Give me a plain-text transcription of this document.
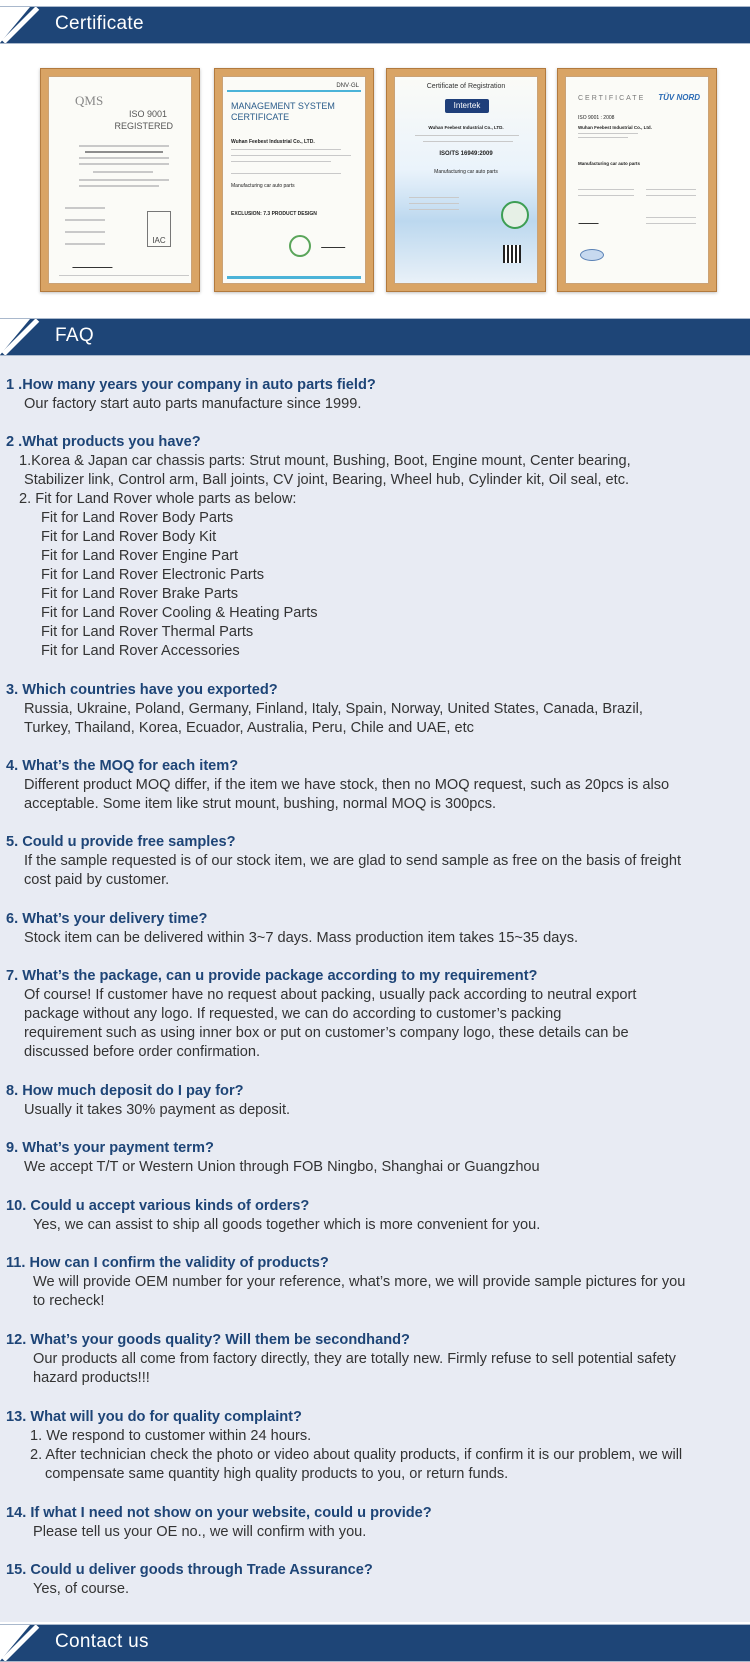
Certificate
QMS
ISO 9001
REGISTERED
IAC
DNV·GL
MANAGEMENT SYSTEM
CERTIFICATE
Wuhan Feebest Industrial Co., LTD.
Manufacturing car auto parts
EXCLUSION: 7.3 PRODUCT DESIGN
Certificate of Registration
Intertek
Wuhan Feebest Industrial Co., LTD.
ISO/TS 16949:2009
Manufacturing car auto parts
CERTIFICATE TÜV NORD
ISO 9001 : 2008
Wuhan Feebest Industrial Co., Ltd.
Manufacturing car auto parts
FAQ
1 .How many years your company in auto parts field?
Our factory start auto parts manufacture since 1999.
2 .What products you have?
1.Korea & Japan car chassis parts: Strut mount, Bushing, Boot, Engine mount, Center bearing,
Stabilizer link, Control arm, Ball joints, CV joint, Bearing, Wheel hub, Cylinder kit, Oil seal, etc.
2. Fit for Land Rover whole parts as below:
Fit for Land Rover Body Parts
Fit for Land Rover Body Kit
Fit for Land Rover Engine Part
Fit for Land Rover Electronic Parts
Fit for Land Rover Brake Parts
Fit for Land Rover Cooling & Heating Parts
Fit for Land Rover Thermal Parts
Fit for Land Rover Accessories
3. Which countries have you exported?
Russia, Ukraine, Poland, Germany, Finland, Italy, Spain, Norway, United States, Canada, Brazil,
Turkey, Thailand, Korea, Ecuador, Australia, Peru, Chile and UAE, etc
4. What’s the MOQ for each item?
Different product MOQ differ, if the item we have stock, then no MOQ request, such as 20pcs is also
acceptable. Some item like strut mount, bushing, normal MOQ is 300pcs.
5. Could u provide free samples?
If the sample requested is of our stock item, we are glad to send sample as free on the basis of freight
cost paid by customer.
6. What’s your delivery time?
Stock item can be delivered within 3~7 days. Mass production item takes 15~35 days.
7. What’s the package, can u provide package according to my requirement?
Of course! If customer have no request about packing, usually pack according to neutral export
package without any logo. If requested, we can do according to customer’s packing
requirement such as using inner box or put on customer’s company logo, these details can be
discussed before order confirmation.
8. How much deposit do I pay for?
Usually it takes 30% payment as deposit.
9. What’s your payment term?
We accept T/T or Western Union through FOB Ningbo, Shanghai or Guangzhou
10. Could u accept various kinds of orders?
Yes, we can assist to ship all goods together which is more convenient for you.
11. How can I confirm the validity of products?
We will provide OEM number for your reference, what’s more, we will provide sample pictures for you
to recheck!
12. What’s your goods quality? Will them be secondhand?
Our products all come from factory directly, they are totally new. Firmly refuse to sell potential safety
hazard products!!!
13. What will you do for quality complaint?
1. We respond to customer within 24 hours.
2. After technician check the photo or video about quality products, if confirm it is our problem, we will
compensate same quantity high quality products to you, or return funds.
14. If what I need not show on your website, could u provide?
Please tell us your OE no., we will confirm with you.
15. Could u deliver goods through Trade Assurance?
Yes, of course.
Contact us
